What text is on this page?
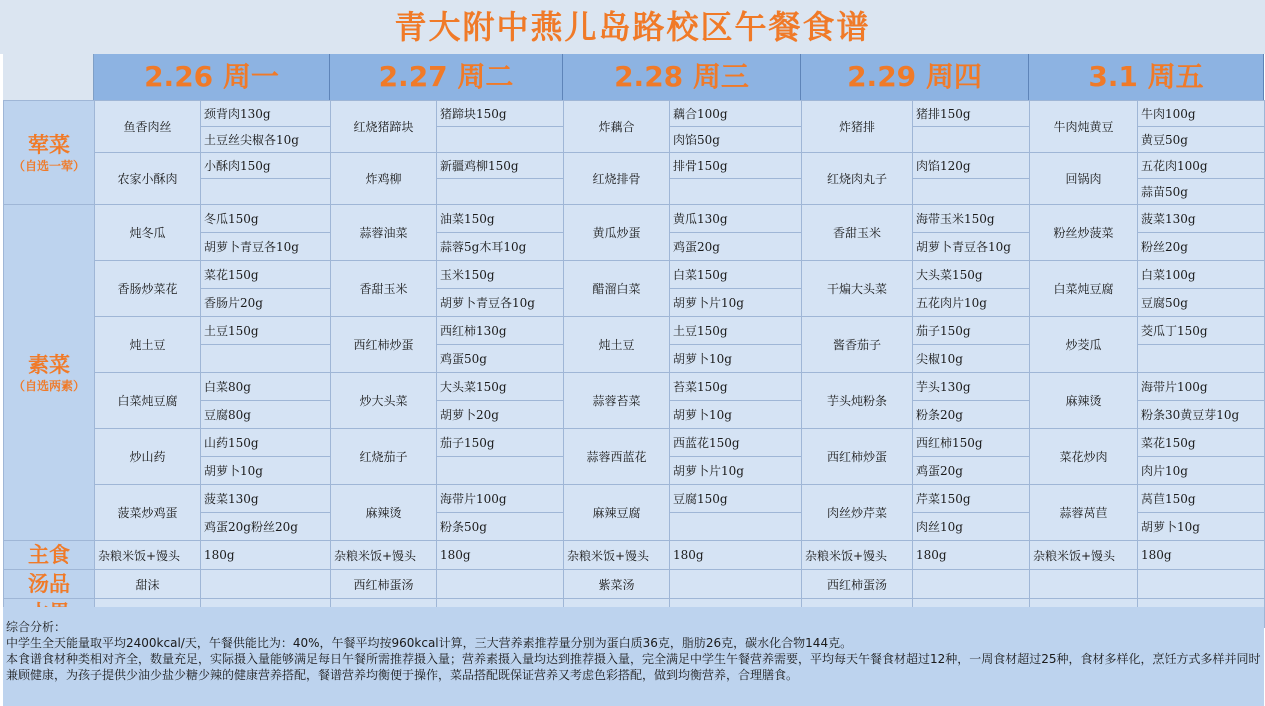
青大附中燕儿岛路校区午餐食谱
2.26 周一	2.27 周二	2.28 周三	2.29 周四	3.1 周五
荤菜
（自选一荤）	鱼香肉丝	颈背肉130g	红烧猪蹄块	猪蹄块150g	炸藕合	藕合100g	炸猪排	猪排150g	牛肉炖黄豆	牛肉100g
		土豆丝尖椒各10g				肉馅50g				黄豆50g
	农家小酥肉	小酥肉150g	炸鸡柳	新疆鸡柳150g	红烧排骨	排骨150g	红烧肉丸子	肉馅120g	回锅肉	五花肉100g
										蒜苗50g

素菜
（自选两素）	炖冬瓜	冬瓜150g	蒜蓉油菜	油菜150g	黄瓜炒蛋	黄瓜130g	香甜玉米	海带玉米150g	粉丝炒菠菜	菠菜130g
		胡萝卜青豆各10g		蒜蓉5g木耳10g		鸡蛋20g		胡萝卜青豆各10g		粉丝20g
	香肠炒菜花	菜花150g	香甜玉米	玉米150g	醋溜白菜	白菜150g	干煸大头菜	大头菜150g	白菜炖豆腐	白菜100g
		香肠片20g		胡萝卜青豆各10g		胡萝卜片10g		五花肉片10g		豆腐50g
	炖土豆	土豆150g	西红柿炒蛋	西红柿130g	炖土豆	土豆150g	酱香茄子	茄子150g	炒茭瓜	茭瓜丁150g
				鸡蛋50g		胡萝卜10g		尖椒10g		
	白菜炖豆腐	白菜80g	炒大头菜	大头菜150g	蒜蓉苔菜	苔菜150g	芋头炖粉条	芋头130g	麻辣烫	海带片100g
		豆腐80g		胡萝卜20g		胡萝卜10g		粉条20g		粉条30黄豆芽10g
	炒山药	山药150g	红烧茄子	茄子150g	蒜蓉西蓝花	西蓝花150g	西红柿炒蛋	西红柿150g	菜花炒肉	菜花150g
		胡萝卜10g				胡萝卜片10g		鸡蛋20g		肉片10g
	菠菜炒鸡蛋	菠菜130g	麻辣烫	海带片100g	麻辣豆腐	豆腐150g	肉丝炒芹菜	芹菜150g	蒜蓉莴苣	莴苣150g
		鸡蛋20g粉丝20g		粉条50g				肉丝10g		胡萝卜10g

主食	杂粮米饭+馒头	180g	杂粮米饭+馒头	180g	杂粮米饭+馒头	180g	杂粮米饭+馒头	180g	杂粮米饭+馒头	180g

汤品	甜沫		西红柿蛋汤		紫菜汤		西红柿蛋汤			

综合分析：

中学生全天能量取平均2400kcal/天，午餐供能比为：40%，午餐平均按960kcal计算，三大营养素推荐量分别为蛋白质36克，脂肪26克，碳水化合物144克。

本食谱食材种类相对齐全，数量充足，实际摄入量能够满足每日午餐所需推荐摄入量；营养素摄入量均达到推荐摄入量，完全满足中学生午餐营养需要，平均每天午餐食材超过12种，一周食材超过25种，食材多样化，烹饪方式多样并同时兼顾健康，为孩子提供少油少盐少糖少辣的健康营养搭配，餐谱营养均衡便于操作，菜品搭配既保证营养又考虑色彩搭配，做到均衡营养，合理膳食。
